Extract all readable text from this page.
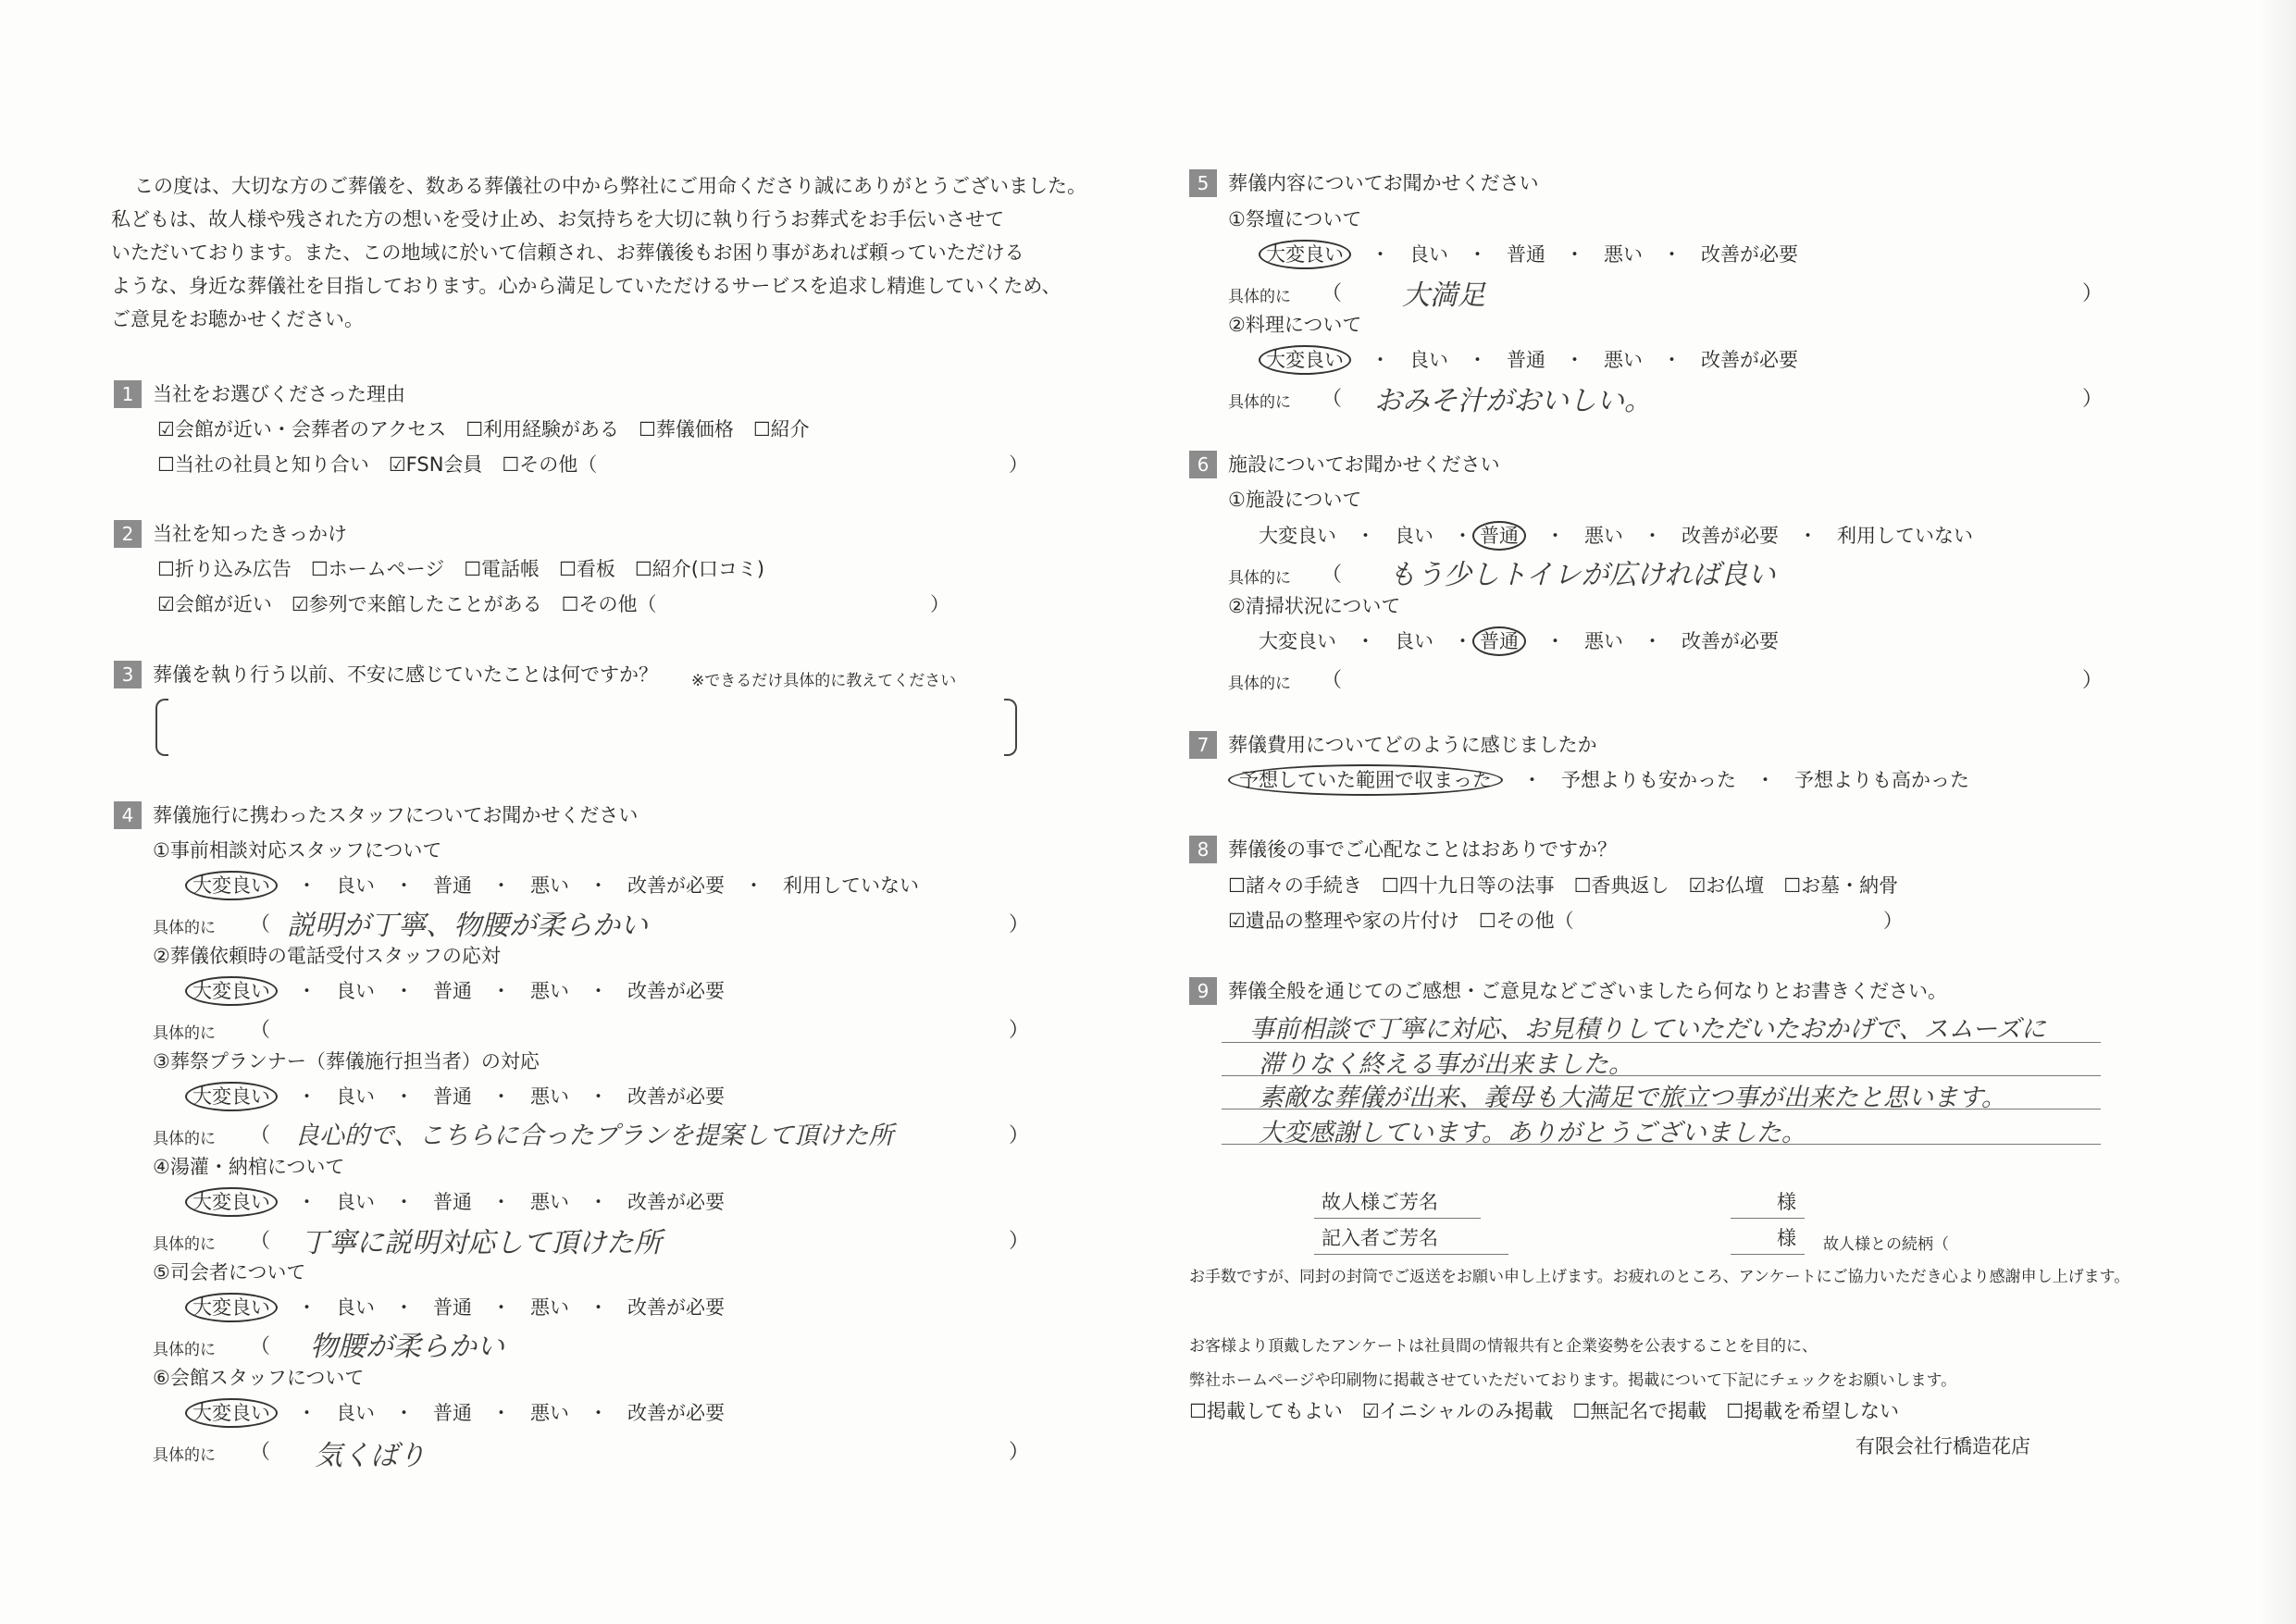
この度は、大切な方のご葬儀を、数ある葬儀社の中から弊社にご用命くださり誠にありがとうございました。
私どもは、故人様や残された方の想いを受け止め、お気持ちを大切に執り行うお葬式をお手伝いさせて
いただいております。また、この地域に於いて信頼され、お葬儀後もお困り事があれば頼っていただける
ような、身近な葬儀社を目指しております。心から満足していただけるサービスを追求し精進していくため、
ご意見をお聴かせください。
1 当社をお選びくださった理由
☑会館が近い・会葬者のアクセス　☐利用経験がある　☐葬儀価格　☐紹介
☐当社の社員と知り合い　☑FSN会員　☐その他（	）
2 当社を知ったきっかけ
☐折り込み広告　☐ホームページ　☐電話帳　☐看板　☐紹介(口コミ)
☑会館が近い　☑参列で来館したことがある　☐その他（	）
3 葬儀を執り行う以前、不安に感じていたことは何ですか？ ※できるだけ具体的に教えてください
4 葬儀施行に携わったスタッフについてお聞かせください
①事前相談対応スタッフについて
大変良い　 ・　良い　・　普通　・　悪い　・　改善が必要　・　利用していない
具体的に （	）
説明が丁寧、物腰が柔らかい
②葬儀依頼時の電話受付スタッフの応対
大変良い　 ・　良い　・　普通　・　悪い　・　改善が必要
具体的に （	）
③葬祭プランナー（葬儀施行担当者）の対応
大変良い　 ・　良い　・　普通　・　悪い　・　改善が必要
具体的に （	）
良心的で、こちらに合ったプランを提案して頂けた所
④湯灌・納棺について
大変良い　 ・　良い　・　普通　・　悪い　・　改善が必要
具体的に （	）
丁寧に説明対応して頂けた所
⑤司会者について
大変良い　 ・　良い　・　普通　・　悪い　・　改善が必要
具体的に （ 物腰が柔らかい
⑥会館スタッフについて
大変良い　 ・　良い　・　普通　・　悪い　・　改善が必要
具体的に （	）
気くばり
5 葬儀内容についてお聞かせください
①祭壇について
大変良い　 ・　良い　・　普通　・　悪い　・　改善が必要
具体的に （	）
大満足
②料理について
大変良い　 ・　良い　・　普通　・　悪い　・　改善が必要
具体的に （	）
おみそ汁がおいしい。
6 施設についてお聞かせください
①施設について
大変良い　・　良い　・ 普通　 ・　悪い　・　改善が必要　・　利用していない
具体的に （ もう少しトイレが広ければ良い
②清掃状況について
大変良い　・　良い　・ 普通　 ・　悪い　・　改善が必要
具体的に （	）
7 葬儀費用についてどのように感じましたか
予想していた範囲で収まった　 ・　予想よりも安かった　・　予想よりも高かった
8 葬儀後の事でご心配なことはおありですか？
☐諸々の手続き　☐四十九日等の法事　☐香典返し　☑お仏壇　☐お墓・納骨
☑遺品の整理や家の片付け　☐その他（	）
9 葬儀全般を通じてのご感想・ご意見などございましたら何なりとお書きください。
事前相談で丁寧に対応、お見積りしていただいたおかげで、スムーズに
滞りなく終える事が出来ました。
素敵な葬儀が出来、義母も大満足で旅立つ事が出来たと思います。
大変感謝しています。ありがとうございました。
故人様ご芳名	様
記入者ご芳名	様 故人様との続柄（
お手数ですが、同封の封筒でご返送をお願い申し上げます。お疲れのところ、アンケートにご協力いただき心より感謝申し上げます。
お客様より頂戴したアンケートは社員間の情報共有と企業姿勢を公表することを目的に、
弊社ホームページや印刷物に掲載させていただいております。掲載について下記にチェックをお願いします。
☐掲載してもよい　☑イニシャルのみ掲載　☐無記名で掲載　☐掲載を希望しない
有限会社行橋造花店
